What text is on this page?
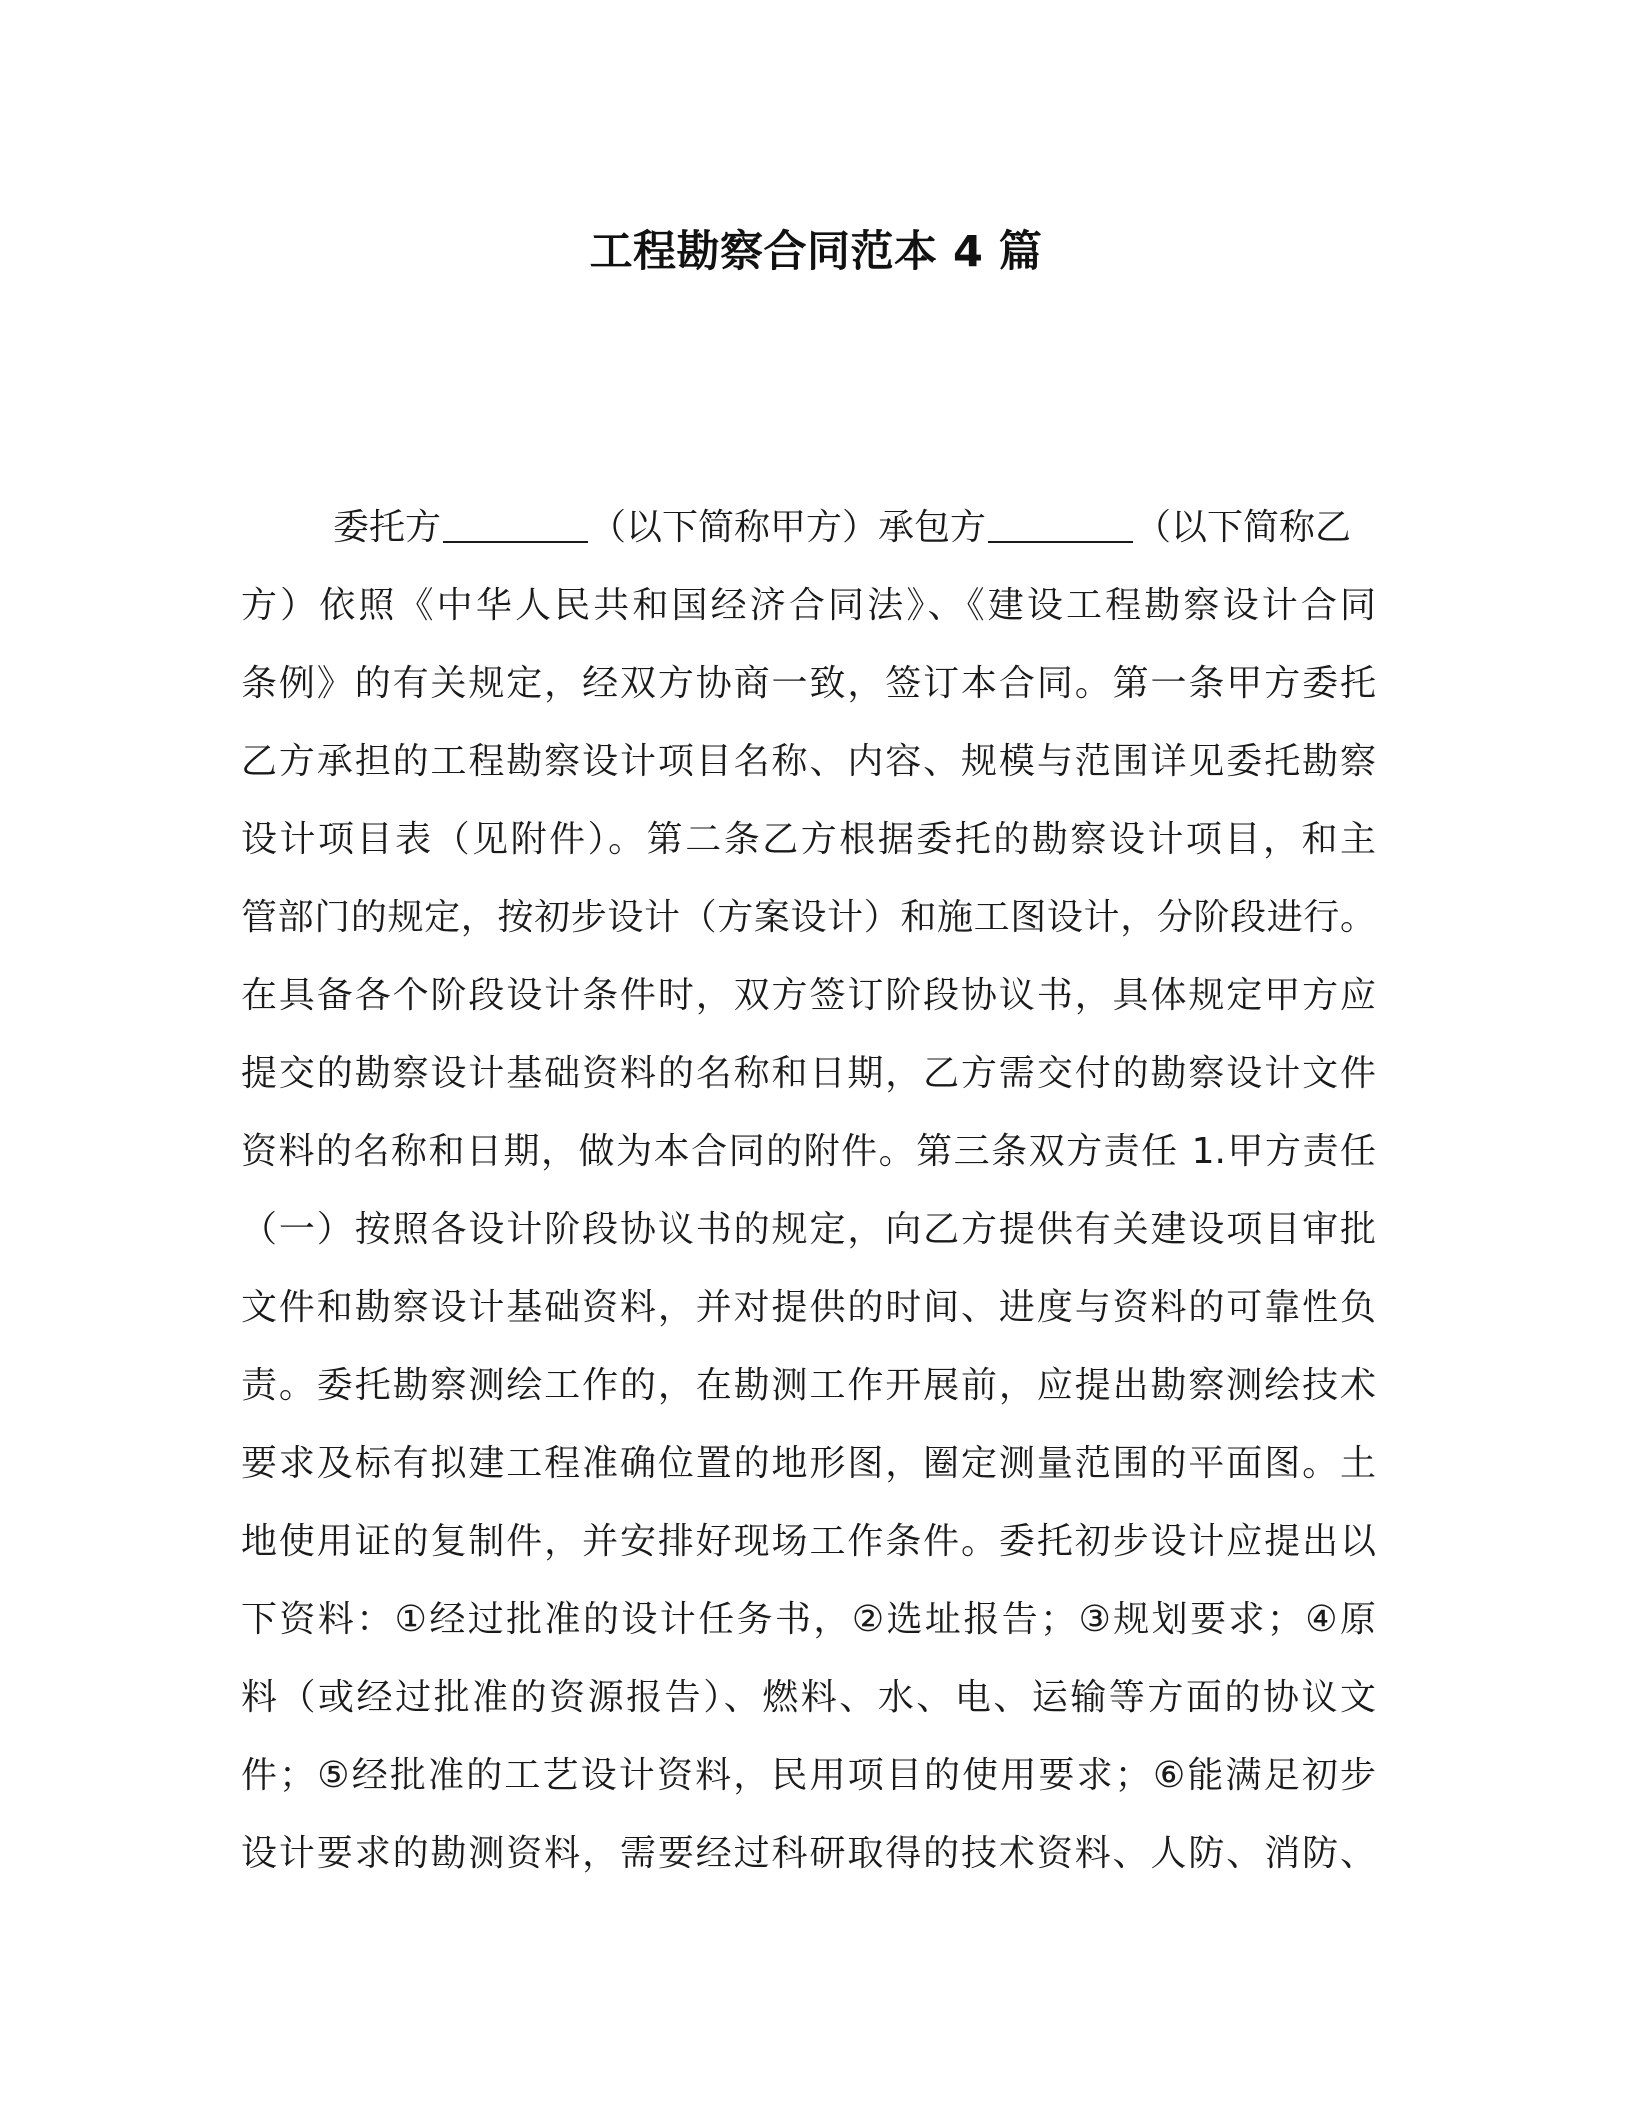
工程勘察合同范本 4 篇
委托方	（以下简称甲方）承包方	（以下简称乙
方）依照《中华人民共和国经济合同法》、《建设工程勘察设计合同
条例》的有关规定，经双方协商一致，签订本合同。第一条甲方委托
乙方承担的工程勘察设计项目名称、内容、规模与范围详见委托勘察
设计项目表（见附件）。第二条乙方根据委托的勘察设计项目，和主
管部门的规定，按初步设计（方案设计）和施工图设计，分阶段进行。
在具备各个阶段设计条件时，双方签订阶段协议书，具体规定甲方应
提交的勘察设计基础资料的名称和日期，乙方需交付的勘察设计文件
资料的名称和日期，做为本合同的附件。第三条双方责任 1.甲方责任
（一）按照各设计阶段协议书的规定，向乙方提供有关建设项目审批
文件和勘察设计基础资料，并对提供的时间、进度与资料的可靠性负
责。委托勘察测绘工作的，在勘测工作开展前，应提出勘察测绘技术
要求及标有拟建工程准确位置的地形图，圈定测量范围的平面图。土
地使用证的复制件，并安排好现场工作条件。委托初步设计应提出以
下资料：①经过批准的设计任务书，②选址报告；③规划要求；④原
料（或经过批准的资源报告）、燃料、水、电、运输等方面的协议文
件；⑤经批准的工艺设计资料，民用项目的使用要求；⑥能满足初步
设计要求的勘测资料，需要经过科研取得的技术资料、人防、消防、
